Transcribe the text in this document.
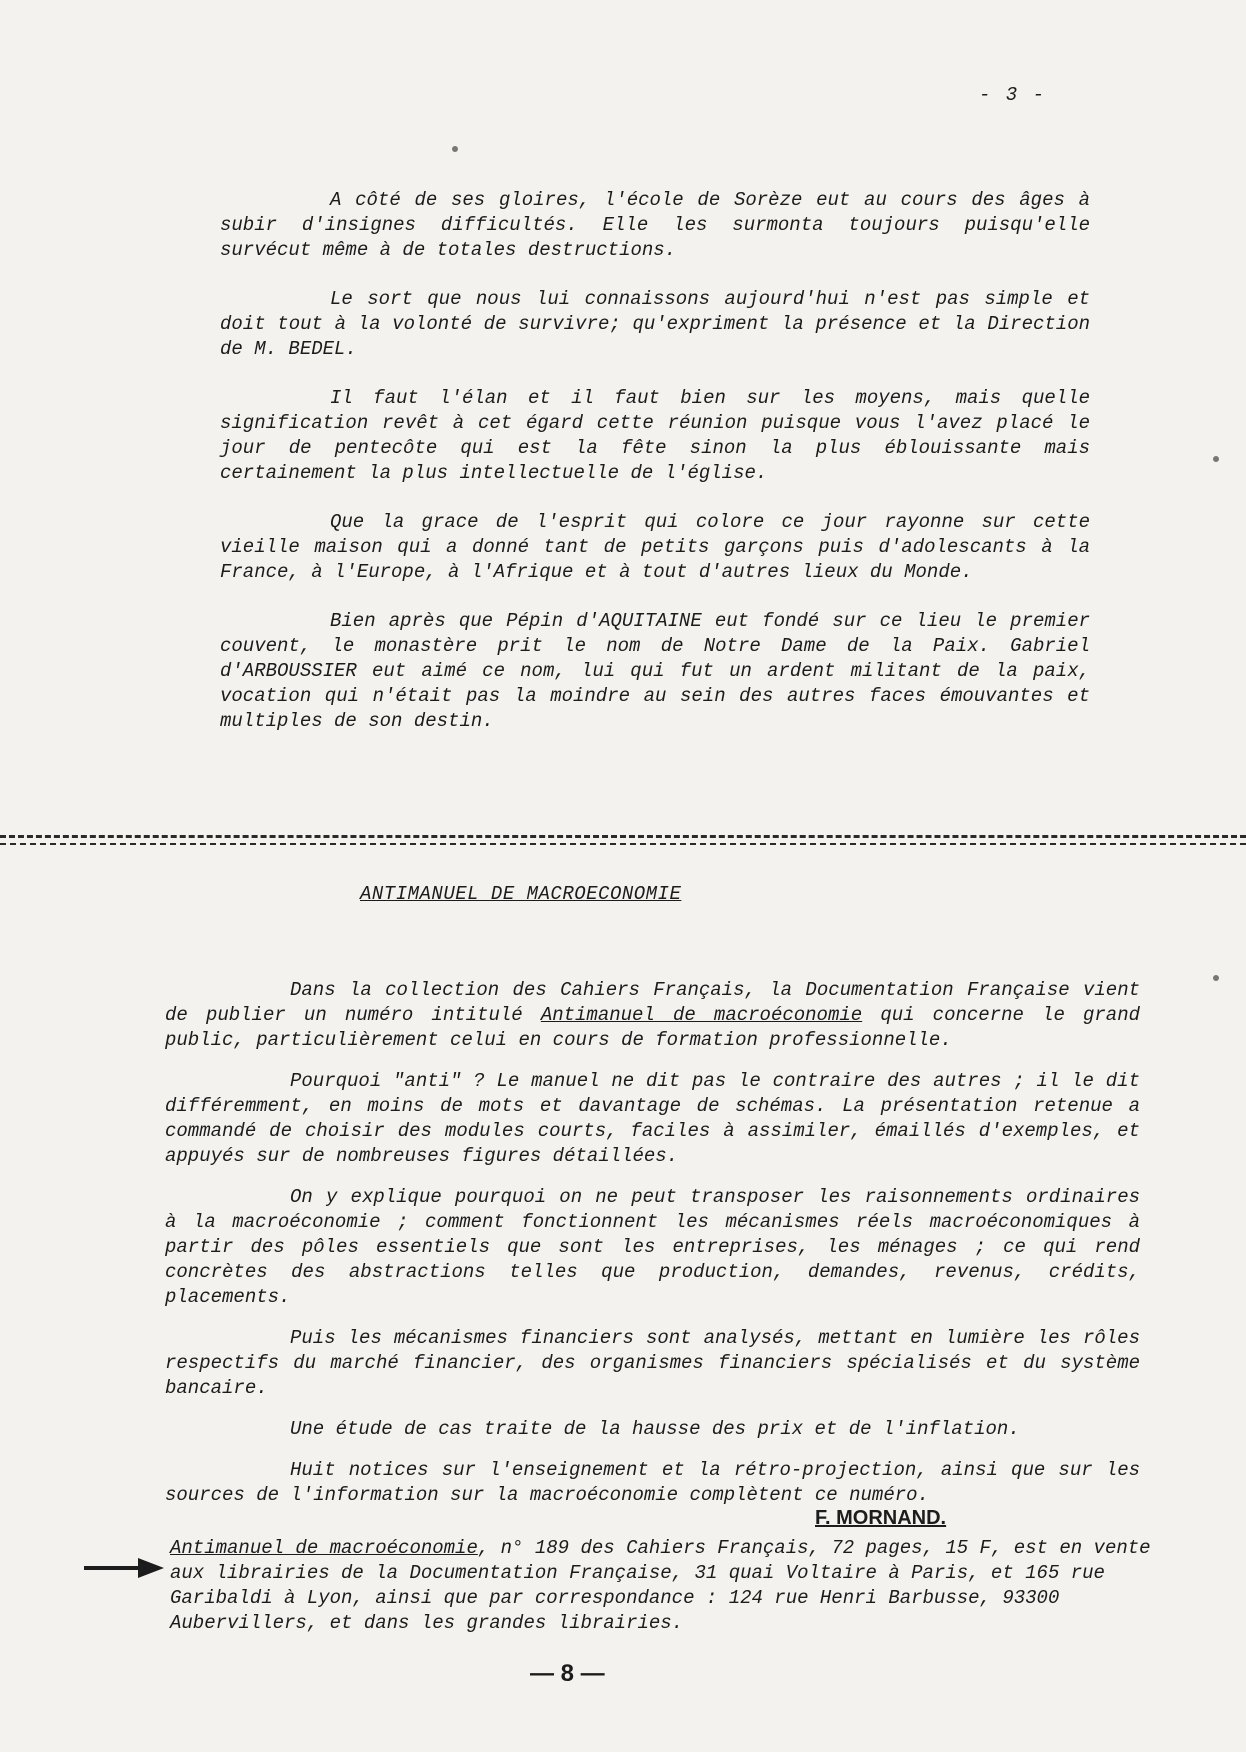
- 3 -

A côté de ses gloires, l'école de Sorèze eut au cours des âges à subir d'insignes difficultés. Elle les surmonta toujours puisqu'elle survécut même à de totales destructions.

Le sort que nous lui connaissons aujourd'hui n'est pas simple et doit tout à la volonté de survivre; qu'expriment la présence et la Direction de M. BEDEL.

Il faut l'élan et il faut bien sur les moyens, mais quelle signification revêt à cet égard cette réunion puisque vous l'avez placé le jour de pentecôte qui est la fête sinon la plus éblouissante mais certainement la plus intellectuelle de l'église.

Que la grace de l'esprit qui colore ce jour rayonne sur cette vieille maison qui a donné tant de petits garçons puis d'adolescants à la France, à l'Europe, à l'Afrique et à tout d'autres lieux du Monde.

Bien après que Pépin d'AQUITAINE eut fondé sur ce lieu le premier couvent, le monastère prit le nom de Notre Dame de la Paix. Gabriel d'ARBOUSSIER eut aimé ce nom, lui qui fut un ardent militant de la paix, vocation qui n'était pas la moindre au sein des autres faces émouvantes et multiples de son destin.

ANTIMANUEL DE MACROECONOMIE

Dans la collection des Cahiers Français, la Documentation Française vient de publier un numéro intitulé Antimanuel de macroéconomie qui concerne le grand public, particulièrement celui en cours de formation professionnelle.

Pourquoi "anti" ? Le manuel ne dit pas le contraire des autres ; il le dit différemment, en moins de mots et davantage de schémas. La présentation retenue a commandé de choisir des modules courts, faciles à assimiler, émaillés d'exemples, et appuyés sur de nombreuses figures détaillées.

On y explique pourquoi on ne peut transposer les raisonnements ordinaires à la macroéconomie ; comment fonctionnent les mécanismes réels macroéconomiques à partir des pôles essentiels que sont les entreprises, les ménages ; ce qui rend concrètes des abstractions telles que production, demandes, revenus, crédits, placements.

Puis les mécanismes financiers sont analysés, mettant en lumière les rôles respectifs du marché financier, des organismes financiers spécialisés et du système bancaire.

Une étude de cas traite de la hausse des prix et de l'inflation.

Huit notices sur l'enseignement et la rétro-projection, ainsi que sur les sources de l'information sur la macroéconomie complètent ce numéro.

F. MORNAND.
Antimanuel de macroéconomie, n° 189 des Cahiers Français, 72 pages, 15 F, est en vente aux librairies de la Documentation Française, 31 quai Voltaire à Paris, et 165 rue Garibaldi à Lyon, ainsi que par correspondance : 124 rue Henri Barbusse, 93300 Aubervillers, et dans les grandes librairies.
— 8 —
